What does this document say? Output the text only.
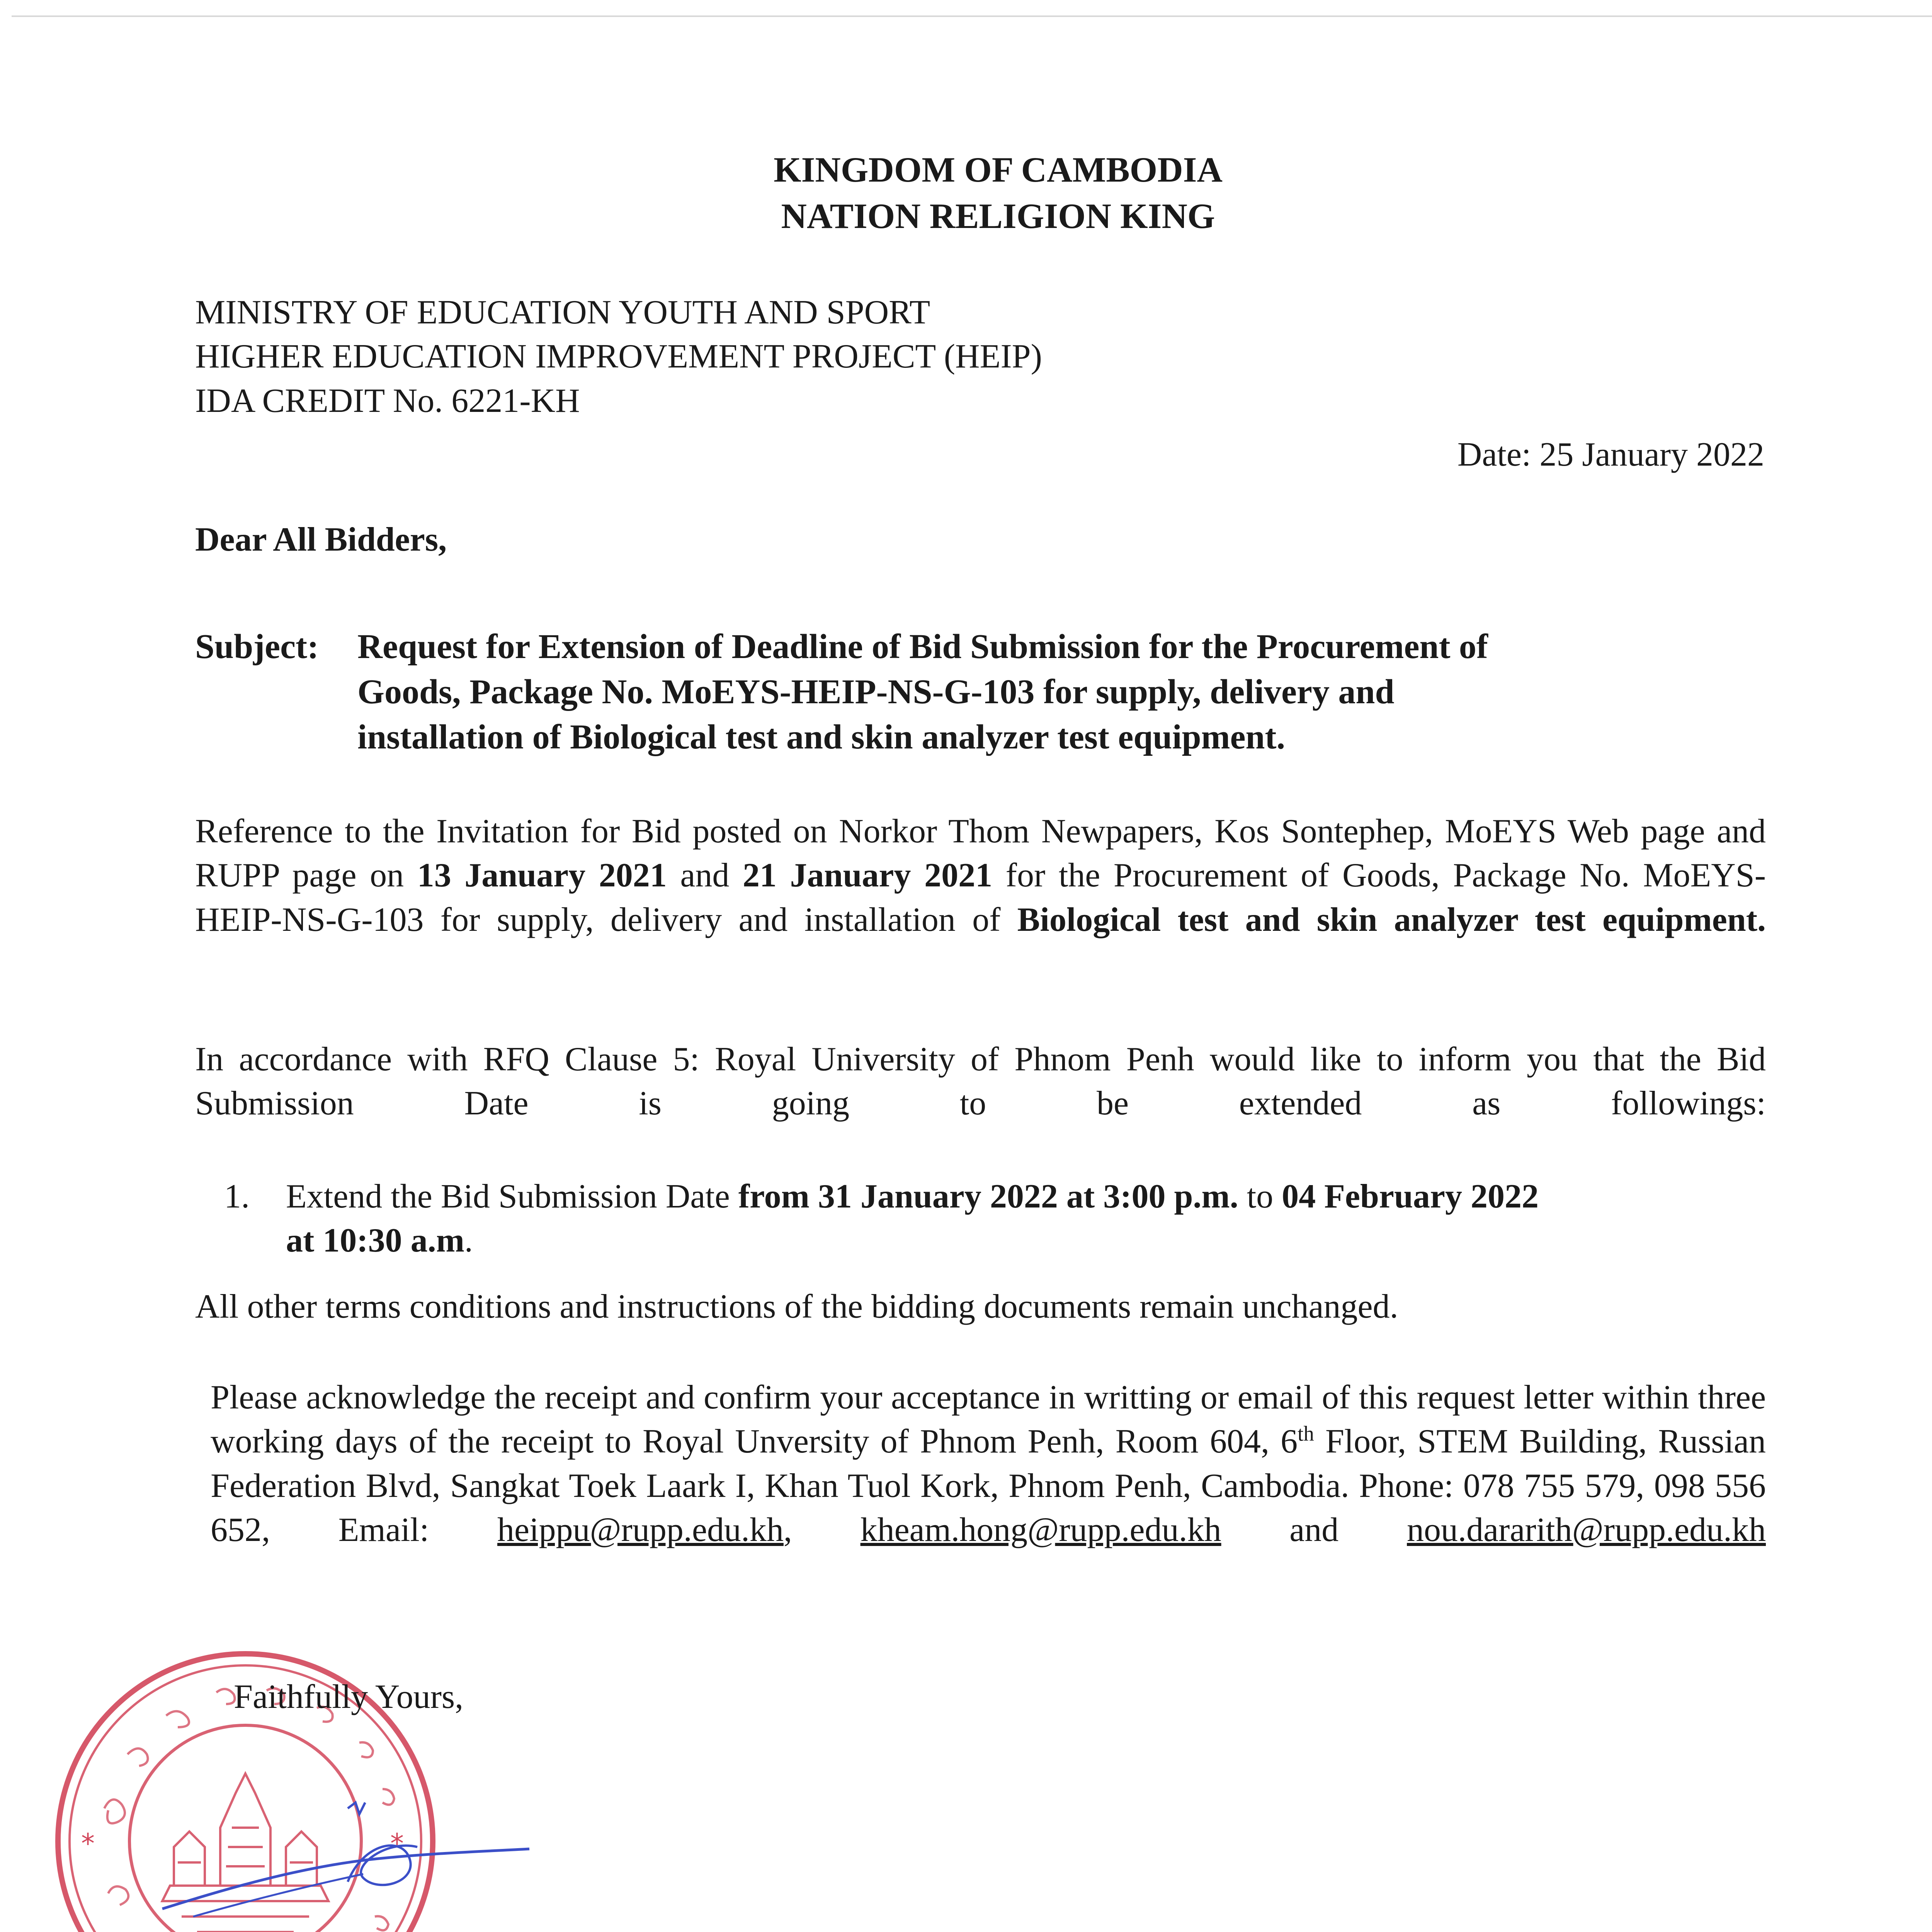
KINGDOM OF CAMBODIA
NATION RELIGION KING
MINISTRY OF EDUCATION YOUTH AND SPORT
HIGHER EDUCATION IMPROVEMENT PROJECT (HEIP)
IDA CREDIT No. 6221-KH
Date: 25 January 2022
Dear All Bidders,
Subject: Request for Extension of Deadline of Bid Submission for the Procurement of
Goods, Package No. MoEYS-HEIP-NS-G-103 for supply, delivery and
installation of Biological test and skin analyzer test equipment.
Reference to the Invitation for Bid posted on Norkor Thom Newpapers, Kos Sontephep, MoEYS Web page and RUPP page on 13 January 2021 and 21 January 2021 for the Procurement of Goods, Package No. MoEYS-HEIP-NS-G-103 for supply, delivery and installation of Biological test and skin analyzer test equipment.
In accordance with RFQ Clause 5: Royal University of Phnom Penh would like to inform you that the Bid Submission Date is going to be extended as followings:
1. Extend the Bid Submission Date from 31 January 2022 at 3:00 p.m. to 04 February 2022
at 10:30 a.m.
All other terms conditions and instructions of the bidding documents remain unchanged.
Please acknowledge the receipt and confirm your acceptance in writting or email of this request letter within three working days of the receipt to Royal Unversity of Phnom Penh, Room 604, 6th Floor, STEM Building, Russian Federation Blvd, Sangkat Toek Laark I, Khan Tuol Kork, Phnom Penh, Cambodia. Phone: 078 755 579, 098 556 652, Email: heippu@rupp.edu.kh, kheam.hong@rupp.edu.kh and nou.dararith@rupp.edu.kh
*	*
Faithfully Yours,
